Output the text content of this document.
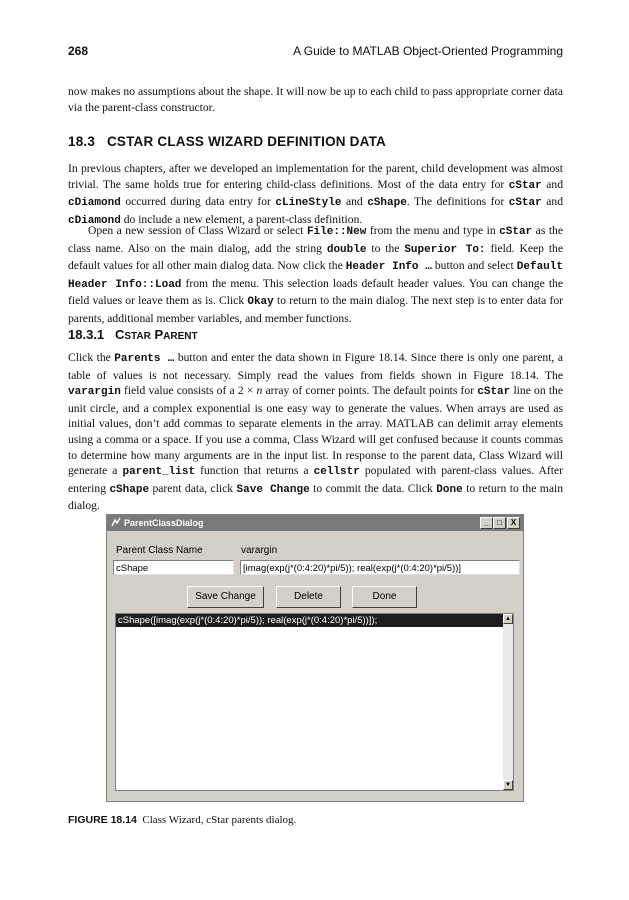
268	A Guide to MATLAB Object-Oriented Programming

now makes no assumptions about the shape. It will now be up to each child to pass appropriate corner data via the parent-class constructor.

18.3 CSTAR CLASS WIZARD DEFINITION DATA

In previous chapters, after we developed an implementation for the parent, child development was almost trivial. The same holds true for entering child-class definitions. Most of the data entry for cStar and cDiamond occurred during data entry for cLineStyle and cShape. The definitions for cStar and cDiamond do include a new element, a parent-class definition.

Open a new session of Class Wizard or select File::New from the menu and type in cStar as the class name. Also on the main dialog, add the string double to the Superior To: field. Keep the default values for all other main dialog data. Now click the Header Info … button and select Default Header Info::Load from the menu. This selection loads default header values. You can change the field values or leave them as is. Click Okay to return to the main dialog. The next step is to enter data for parents, additional member variables, and member functions.

18.3.1 CSTAR PARENT

Click the Parents … button and enter the data shown in Figure 18.14. Since there is only one parent, a table of values is not necessary. Simply read the values from fields shown in Figure 18.14. The varargin field value consists of a 2 × n array of corner points. The default points for cStar line on the unit circle, and a complex exponential is one easy way to generate the values. When arrays are used as initial values, don’t add commas to separate elements in the array. MATLAB can delimit array elements using a comma or a space. If you use a comma, Class Wizard will get confused because it counts commas to determine how many arguments are in the input list. In response to the parent data, Class Wizard will generate a parent_list function that returns a cellstr populated with parent-class values. After entering cShape parent data, click Save Change to commit the data. Click Done to return to the main dialog.

ParentClassDialog	_	□	X
Parent Class Name	varargin
cShape	[imag(exp(j*(0:4:20)*pi/5)); real(exp(j*(0:4:20)*pi/5))]
Save Change	Delete	Done
cShape([imag(exp(j*(0:4:20)*pi/5)); real(exp(j*(0:4:20)*pi/5))]);	▲
▼
FIGURE 18.14 Class Wizard, cStar parents dialog.
